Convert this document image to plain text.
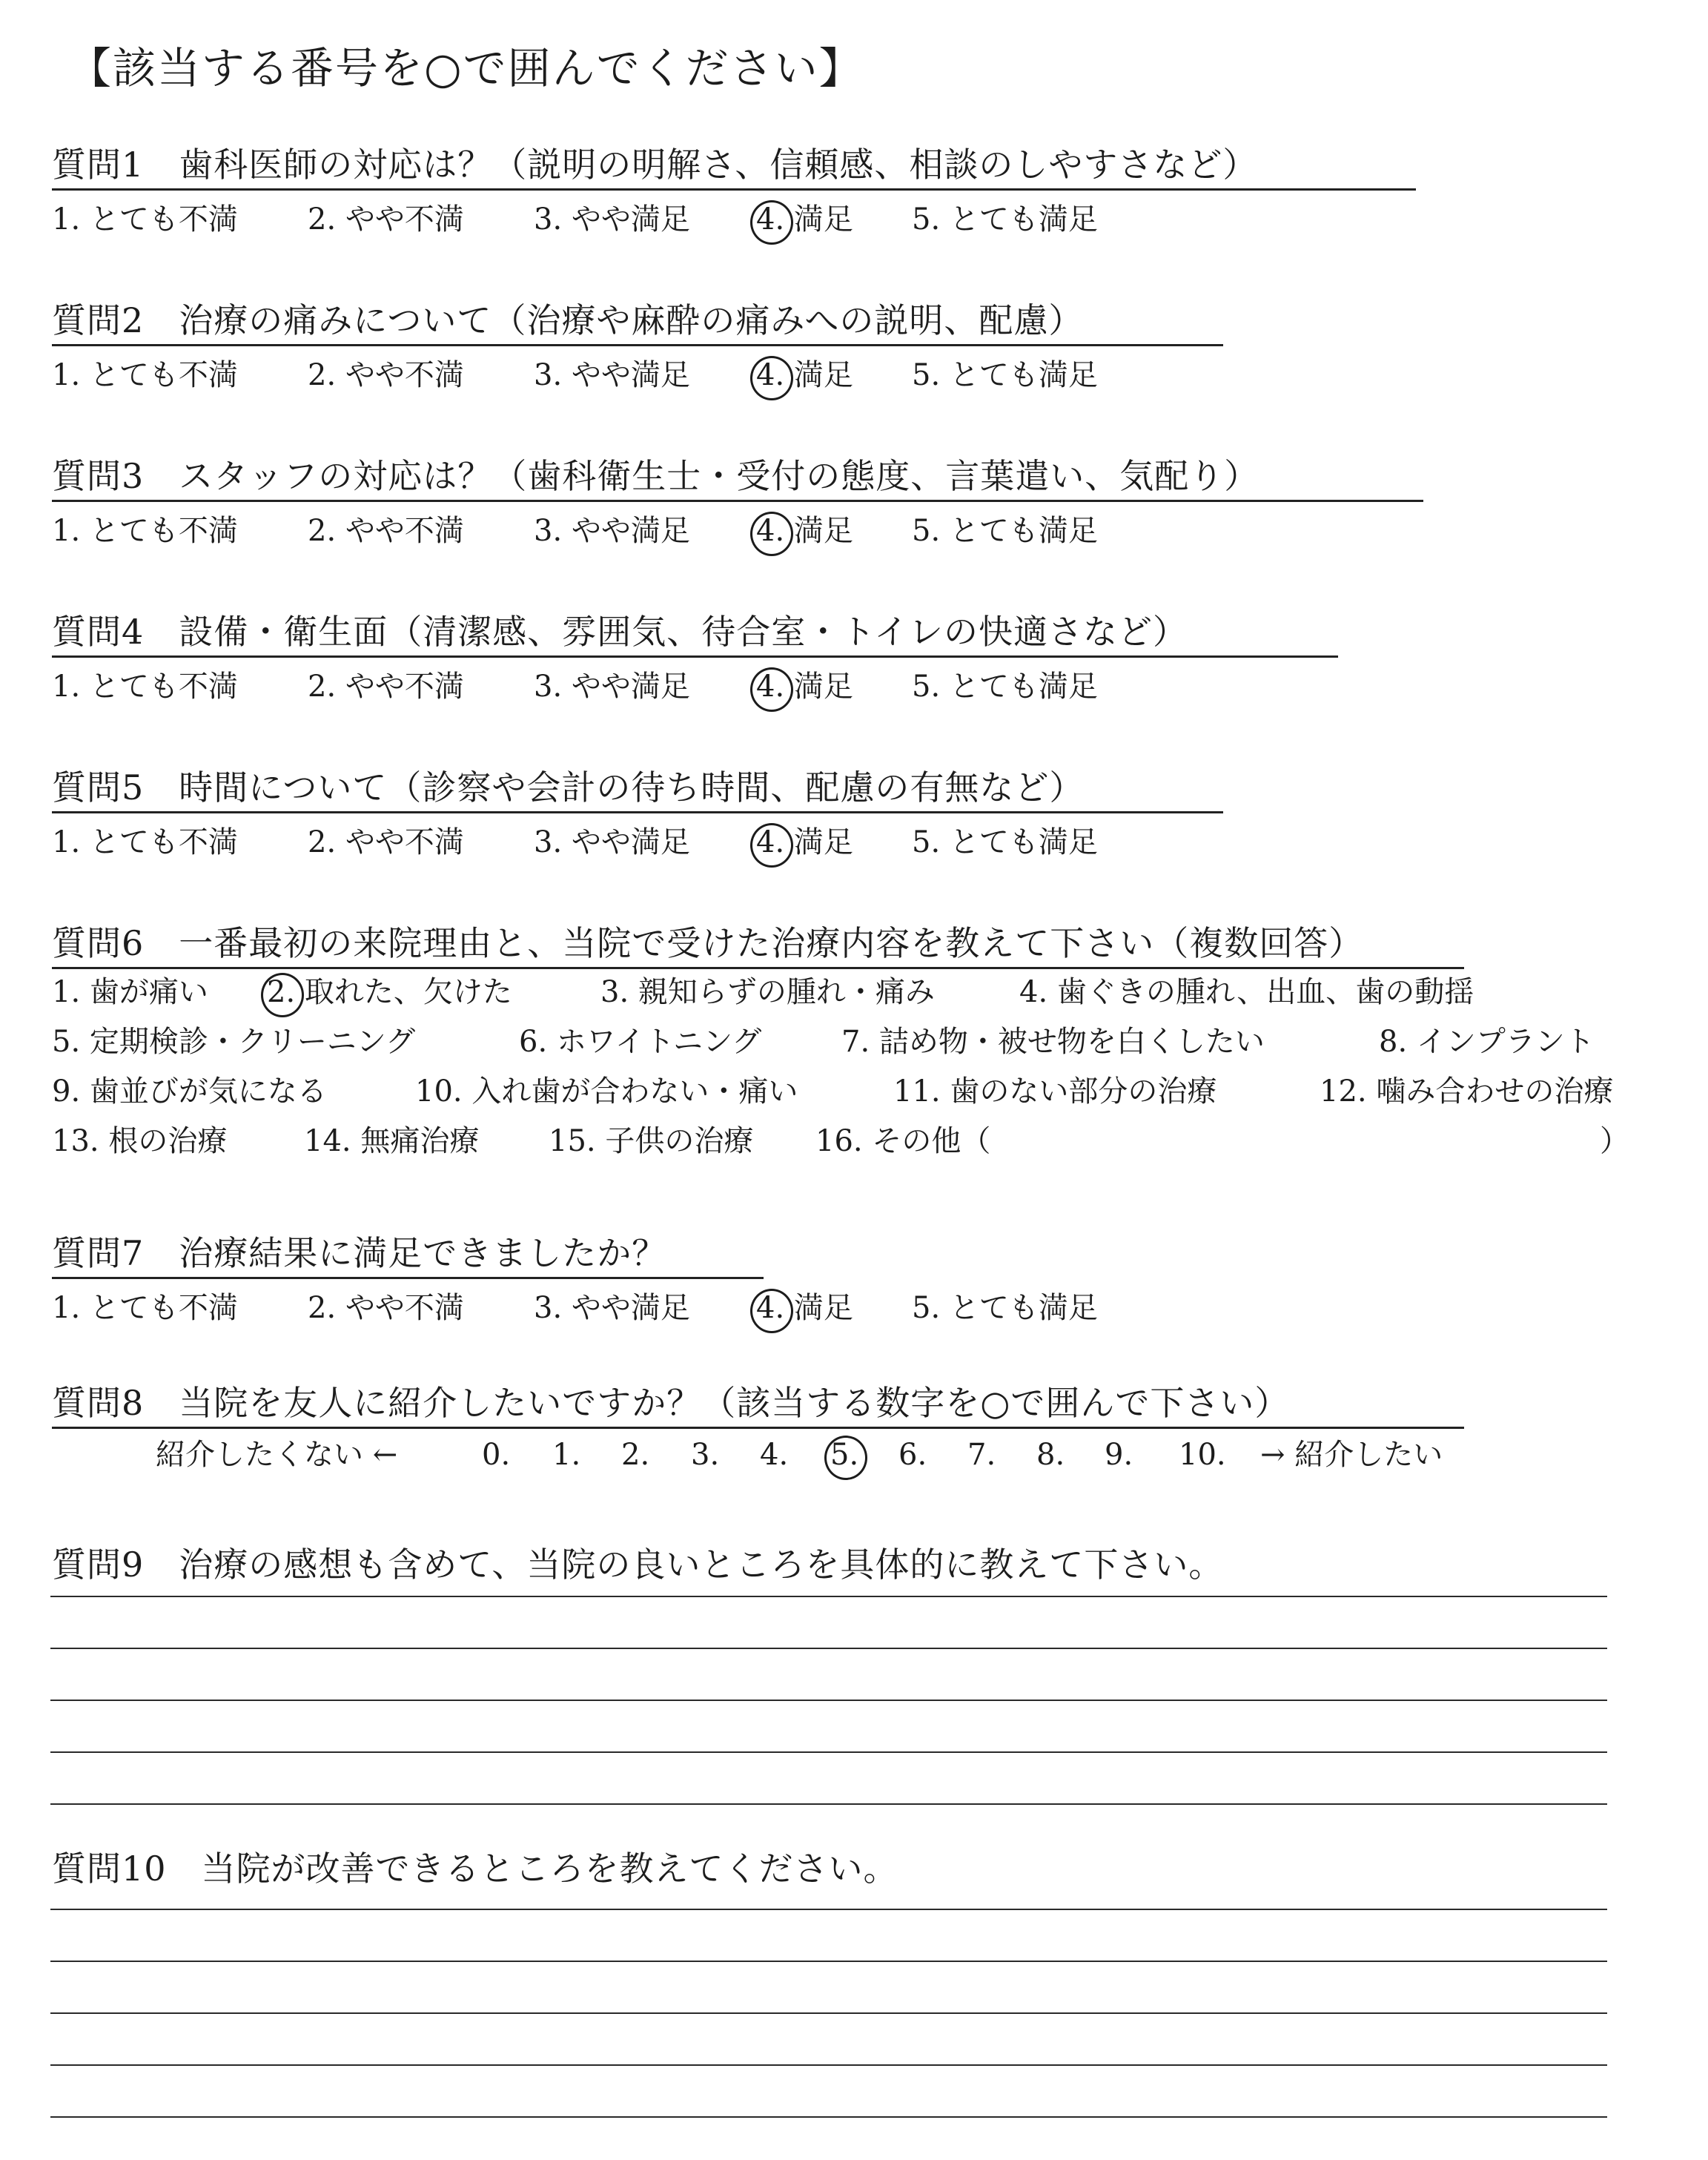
【該当する番号を○で囲んでください】
質問1　歯科医師の対応は？（説明の明解さ、信頼感、相談のしやすさなど）
1. とても不満 2. やや不満 3. やや満足 4. 満足 5. とても満足
質問2　治療の痛みについて（治療や麻酔の痛みへの説明、配慮）
1. とても不満 2. やや不満 3. やや満足 4. 満足 5. とても満足
質問3　スタッフの対応は？（歯科衛生士・受付の態度、言葉遣い、気配り）
1. とても不満 2. やや不満 3. やや満足 4. 満足 5. とても満足
質問4　設備・衛生面（清潔感、雰囲気、待合室・トイレの快適さなど）
1. とても不満 2. やや不満 3. やや満足 4. 満足 5. とても満足
質問5　時間について（診察や会計の待ち時間、配慮の有無など）
1. とても不満 2. やや不満 3. やや満足 4. 満足 5. とても満足
質問6　一番最初の来院理由と、当院で受けた治療内容を教えて下さい（複数回答）
1. 歯が痛い 2. 取れた、欠けた	3. 親知らずの腫れ・痛み	4. 歯ぐきの腫れ、出血、歯の動揺
5. 定期検診・クリーニング	6. ホワイトニング	7. 詰め物・被せ物を白くしたい	8. インプラント
9. 歯並びが気になる	10. 入れ歯が合わない・痛い	11. 歯のない部分の治療	12. 噛み合わせの治療
13. 根の治療	14. 無痛治療 15. 子供の治療 16. その他（	）
質問7　治療結果に満足できましたか？
1. とても不満 2. やや不満 3. やや満足 4. 満足 5. とても満足
質問8　当院を友人に紹介したいですか？（該当する数字を○で囲んで下さい）
紹介したくない ←	0. 1. 2. 3. 4. 5. 6. 7. 8. 9. 10. → 紹介したい
質問9　治療の感想も含めて、当院の良いところを具体的に教えて下さい。
質問10　当院が改善できるところを教えてください。
